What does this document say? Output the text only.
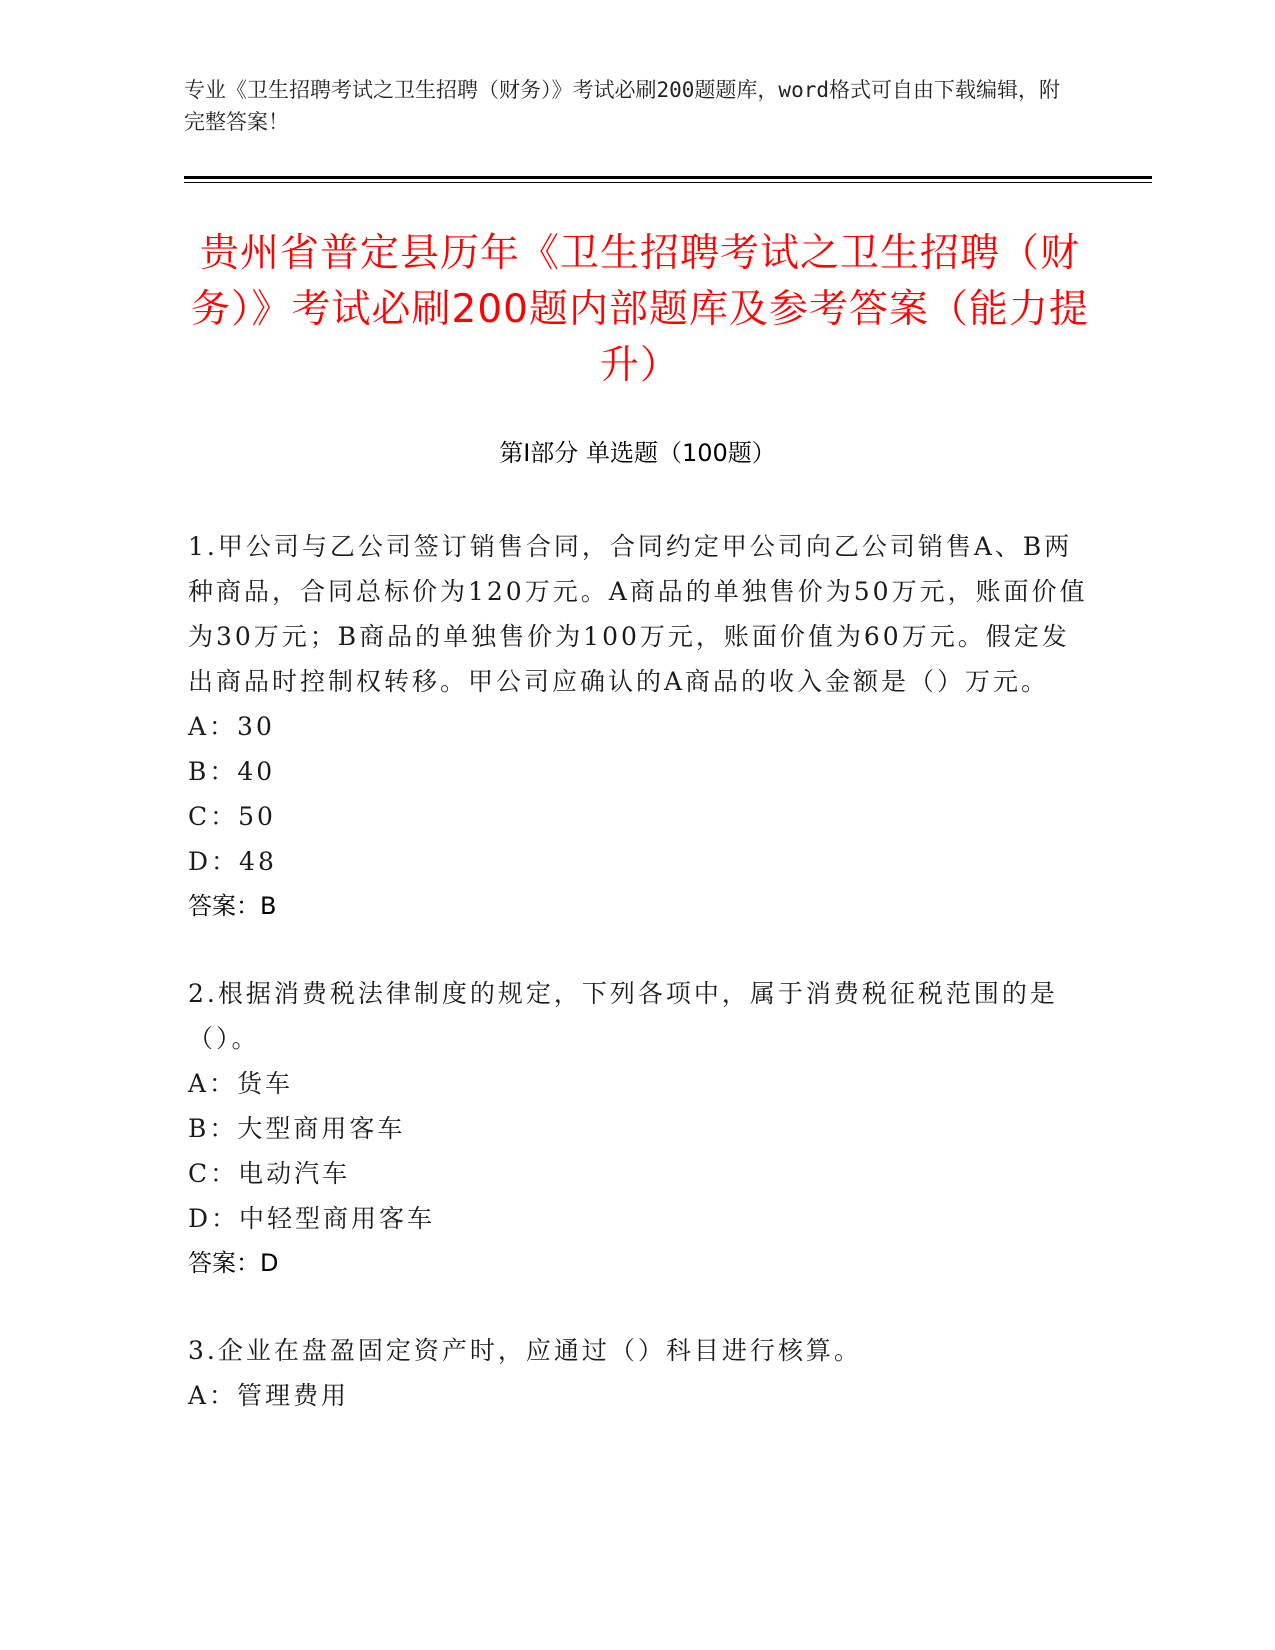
专业《卫生招聘考试之卫生招聘（财务）》考试必刷200题题库，word格式可自由下载编辑，附完整答案！
贵州省普定县历年《卫生招聘考试之卫生招聘（财务）》考试必刷200题内部题库及参考答案（能力提升）
第I部分 单选题（100题）
1.甲公司与乙公司签订销售合同，合同约定甲公司向乙公司销售A、B两种商品，合同总标价为120万元。A商品的单独售价为50万元，账面价值为30万元；B商品的单独售价为100万元，账面价值为60万元。假定发出商品时控制权转移。甲公司应确认的A商品的收入金额是（）万元。
A：30
B：40
C：50
D：48
答案：B
2.根据消费税法律制度的规定，下列各项中，属于消费税征税范围的是（）。
A：货车
B：大型商用客车
C：电动汽车
D：中轻型商用客车
答案：D
3.企业在盘盈固定资产时，应通过（）科目进行核算。
A：管理费用
